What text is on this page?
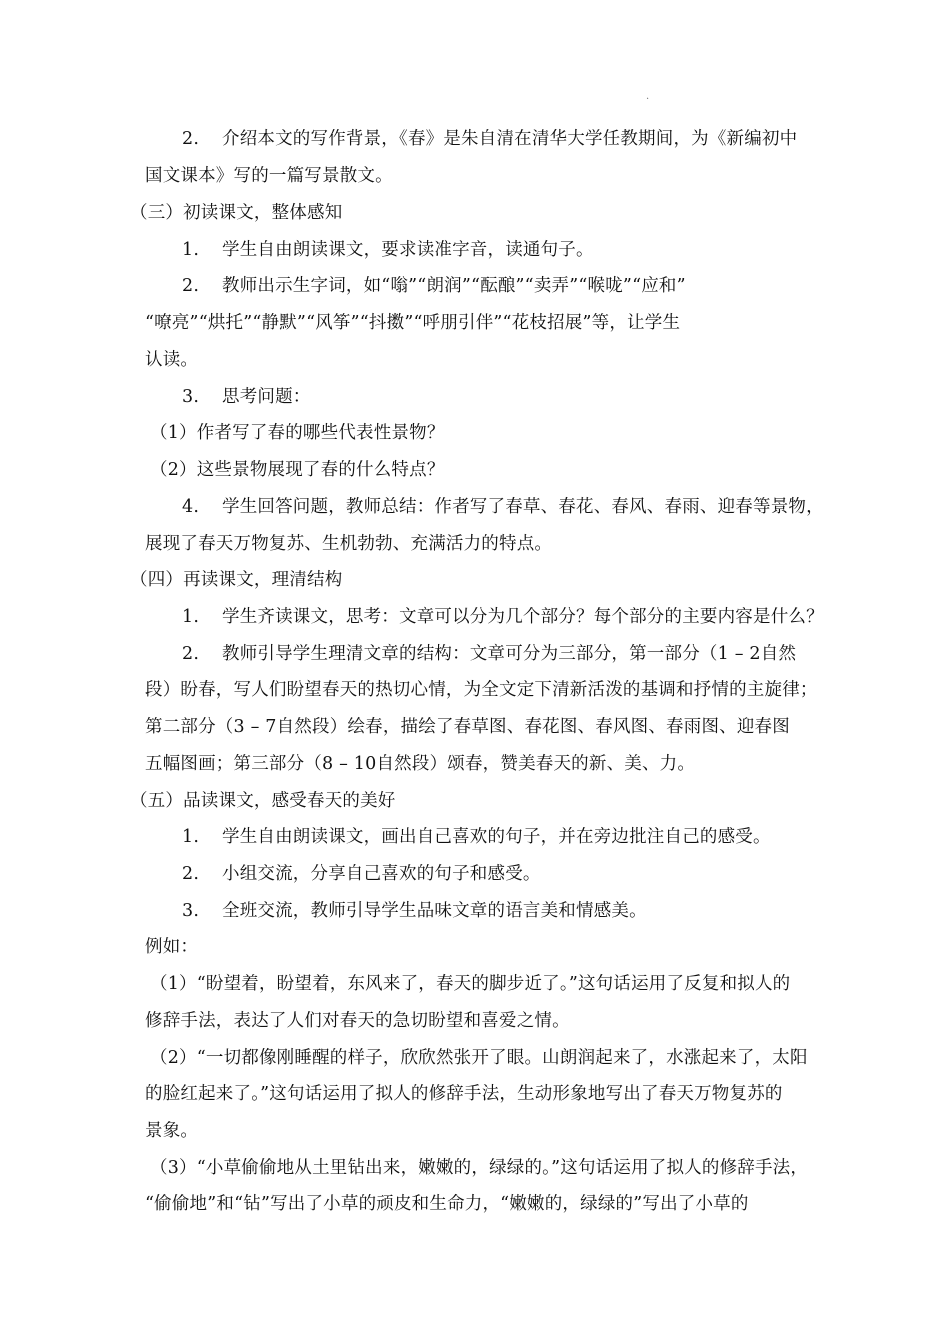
.
2. 介绍本文的写作背景，《春》是朱自清在清华大学任教期间，为《新编初中
国文课本》写的一篇写景散文。
（三）初读课文，整体感知
1. 学生自由朗读课文，要求读准字音，读通句子。
2. 教师出示生字词，如“嗡”“朗润”“酝酿”“卖弄”“喉咙”“应和”
“嘹亮”“烘托”“静默”“风筝”“抖擞”“呼朋引伴”“花枝招展”等，让学生
认读。
3. 思考问题：
（1）作者写了春的哪些代表性景物？
（2）这些景物展现了春的什么特点？
4. 学生回答问题，教师总结：作者写了春草、春花、春风、春雨、迎春等景物，
展现了春天万物复苏、生机勃勃、充满活力的特点。
（四）再读课文，理清结构
1. 学生齐读课文，思考：文章可以分为几个部分？每个部分的主要内容是什么？
2. 教师引导学生理清文章的结构：文章可分为三部分，第一部分（1 – 2自然
段）盼春，写人们盼望春天的热切心情，为全文定下清新活泼的基调和抒情的主旋律；
第二部分（3 – 7自然段）绘春，描绘了春草图、春花图、春风图、春雨图、迎春图
五幅图画；第三部分（8 – 10自然段）颂春，赞美春天的新、美、力。
（五）品读课文，感受春天的美好
1. 学生自由朗读课文，画出自己喜欢的句子，并在旁边批注自己的感受。
2. 小组交流，分享自己喜欢的句子和感受。
3. 全班交流，教师引导学生品味文章的语言美和情感美。
例如：
（1）“盼望着，盼望着，东风来了，春天的脚步近了。”这句话运用了反复和拟人的
修辞手法，表达了人们对春天的急切盼望和喜爱之情。
（2）“一切都像刚睡醒的样子，欣欣然张开了眼。山朗润起来了，水涨起来了，太阳
的脸红起来了。”这句话运用了拟人的修辞手法，生动形象地写出了春天万物复苏的
景象。
（3）“小草偷偷地从土里钻出来，嫩嫩的，绿绿的。”这句话运用了拟人的修辞手法，
“偷偷地”和“钻”写出了小草的顽皮和生命力，“嫩嫩的，绿绿的”写出了小草的
